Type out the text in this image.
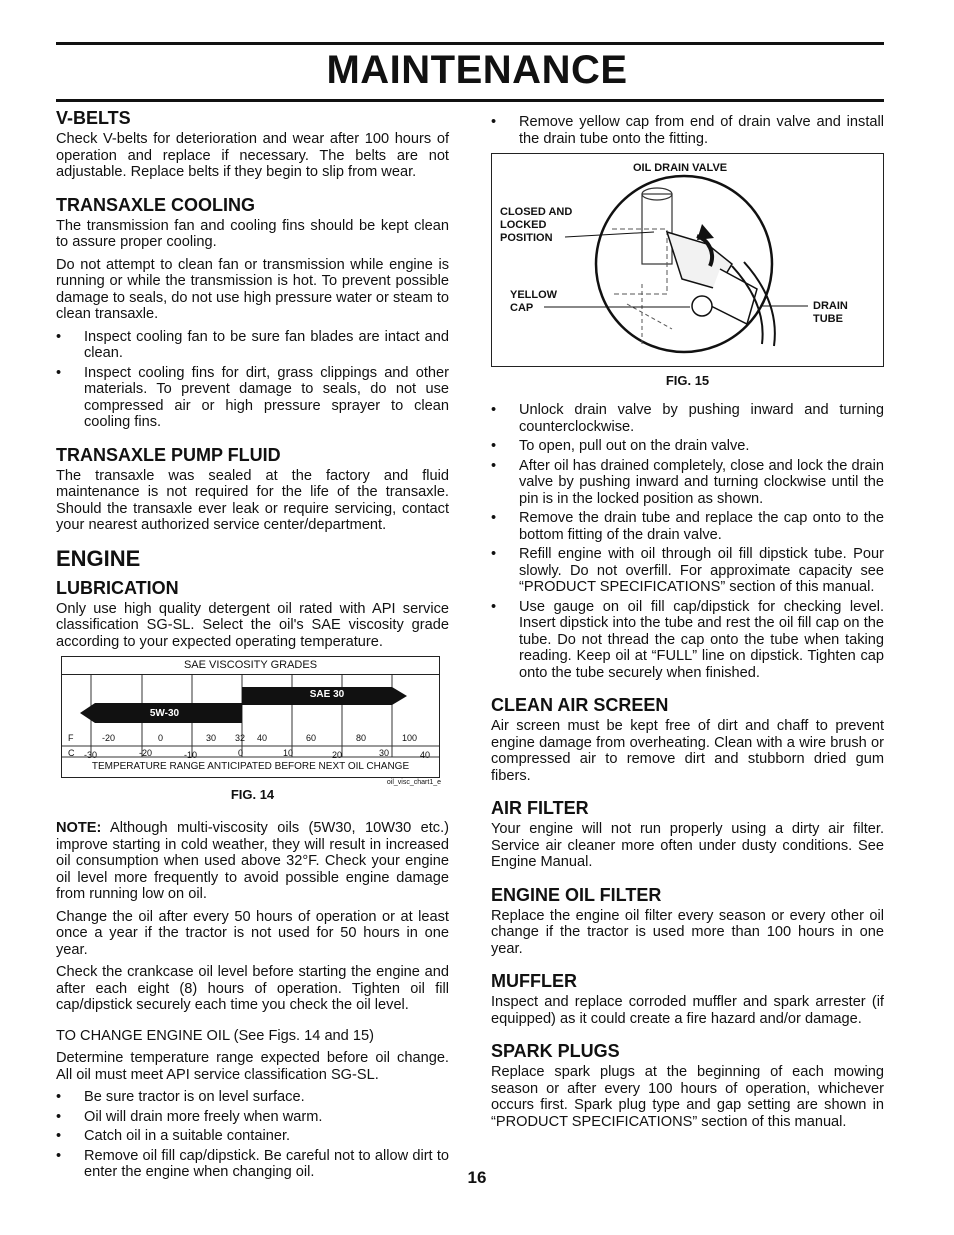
MAINTENANCE
V-BELTS

Check V-belts for deterioration and wear after 100 hours of operation and replace if necessary. The belts are not adjustable. Replace belts if they begin to slip from wear.

TRANSAXLE COOLING

The transmission fan and cooling fins should be kept clean to assure proper cooling.

Do not attempt to clean fan or transmission while engine is running or while the transmission is hot. To prevent possible damage to seals, do not use high pressure water or steam to clean transaxle.

• Inspect cooling fan to be sure fan blades are intact and clean.
• Inspect cooling fins for dirt, grass clippings and other materials. To prevent damage to seals, do not use compressed air or high pressure sprayer to clean cooling fins.
TRANSAXLE PUMP FLUID

The transaxle was sealed at the factory and fluid maintenance is not required for the life of the transaxle. Should the transaxle ever leak or require servicing, contact your nearest authorized service center/department.

ENGINE
LUBRICATION

Only use high quality detergent oil rated with API service classification SG-SL. Select the oil's SAE viscosity grade according to your expected operating temperature.

SAE VISCOSITY GRADES
SAE 30
5W-30
F
C
-20	0	30 32 40	60	80	100
-30	-20	-10	0	10	20	30	40
TEMPERATURE RANGE ANTICIPATED BEFORE NEXT OIL CHANGE
oil_visc_chart1_e
FIG. 14

NOTE: Although multi-viscosity oils (5W30, 10W30 etc.) improve starting in cold weather, they will result in increased oil consumption when used above 32°F. Check your engine oil level more frequently to avoid possible engine damage from running low on oil.

Change the oil after every 50 hours of operation or at least once a year if the tractor is not used for 50 hours in one year.

Check the crankcase oil level before starting the engine and after each eight (8) hours of operation. Tighten oil fill cap/dipstick securely each time you check the oil level.

TO CHANGE ENGINE OIL (See Figs. 14 and 15)

Determine temperature range expected before oil change. All oil must meet API service classification SG-SL.

• Be sure tractor is on level surface.
• Oil will drain more freely when warm.
• Catch oil in a suitable container.
• Remove oil fill cap/dipstick. Be careful not to allow dirt to enter the engine when changing oil.
• Remove yellow cap from end of drain valve and install the drain tube onto the fitting.
OIL DRAIN VALVE
CLOSED AND
LOCKED
POSITION
YELLOW
CAP	DRAIN
TUBE
FIG. 15
• Unlock drain valve by pushing inward and turning counterclockwise.
• To open, pull out on the drain valve.
• After oil has drained completely, close and lock the drain valve by pushing inward and turning clockwise until the pin is in the locked position as shown.
• Remove the drain tube and replace the cap onto to the bottom fitting of the drain valve.
• Refill engine with oil through oil fill dipstick tube. Pour slowly. Do not overfill. For approximate capacity see “PRODUCT SPECIFICATIONS” section of this manual.
• Use gauge on oil fill cap/dipstick for checking level. Insert dipstick into the tube and rest the oil fill cap on the tube. Do not thread the cap onto the tube when taking reading. Keep oil at “FULL” line on dipstick. Tighten cap onto the tube securely when finished.
CLEAN AIR SCREEN

Air screen must be kept free of dirt and chaff to prevent engine damage from overheating. Clean with a wire brush or compressed air to remove dirt and stubborn dried gum fibers.

AIR FILTER

Your engine will not run properly using a dirty air filter. Service air cleaner more often under dusty conditions. See Engine Manual.

ENGINE OIL FILTER

Replace the engine oil filter every season or every other oil change if the tractor is used more than 100 hours in one year.

MUFFLER

Inspect and replace corroded muffler and spark arrester (if equipped) as it could create a fire hazard and/or damage.

SPARK PLUGS

Replace spark plugs at the beginning of each mowing season or after every 100 hours of operation, whichever occurs first. Spark plug type and gap setting are shown in “PRODUCT SPECIFICATIONS” section of this manual.

16
